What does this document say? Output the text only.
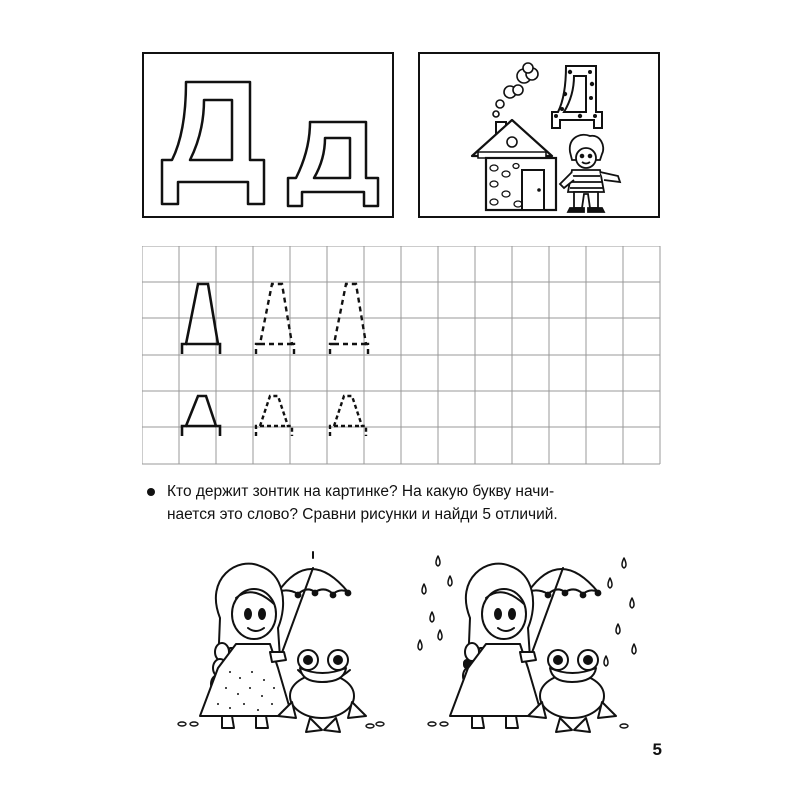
Кто держит зонтик на картинке? На какую букву начи-
нается это слово? Сравни рисунки и найди 5 отличий.
5
